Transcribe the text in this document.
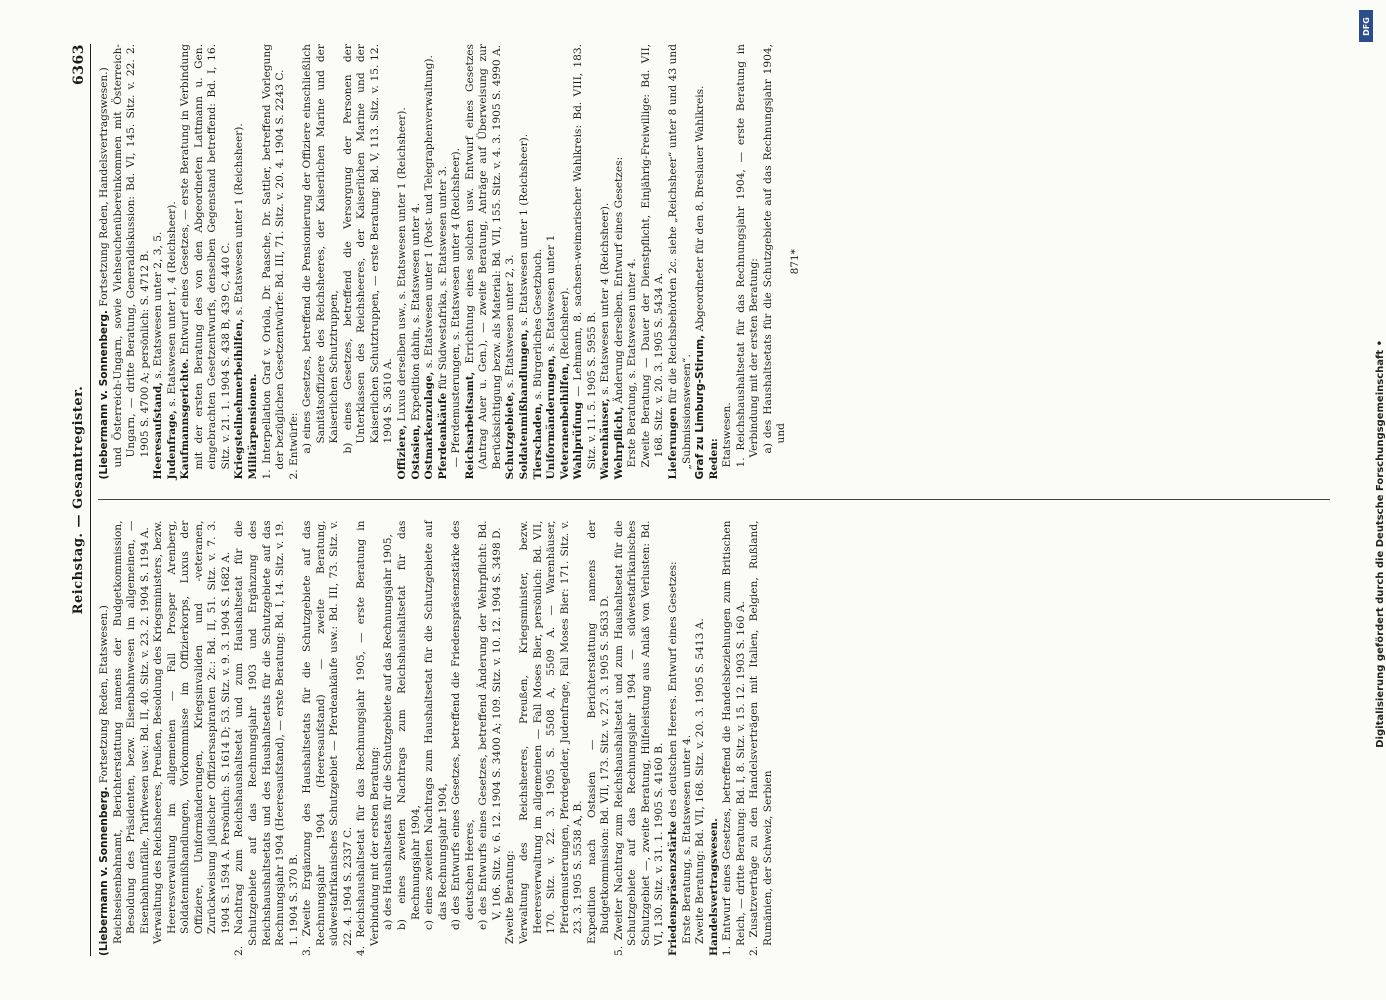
Reichstag. — Gesamtregister.
6363

(Liebermann v. Sonnenberg. Fortsetzung Reden, Etatswesen.) Reichseisenbahnamt, Berichterstattung namens der Budgetkommission, Besoldung des Präsidenten, bezw. Eisenbahnwesen im allgemeinen, — Eisenbahnunfälle, Tarifwesen usw.: Bd. II, 40. Sitz. v. 23. 2. 1904 S. 1194 A. Verwaltung des Reichsheeres, Preußen, Besoldung des Kriegsministers, bezw. Heeresverwaltung im allgemeinen — Fall Prosper Arenberg, Soldatenmißhandlungen, Vorkommnisse im Offizierkorps, Luxus der Offiziere, Uniformänderungen, Kriegsinvaliden und -veteranen, Zurückweisung jüdischer Offiziersaspiranten 2c.: Bd. II, 51. Sitz. v. 7. 3. 1904 S. 1594 A. Persönlich: S. 1614 D; 53. Sitz. v. 9. 3. 1904 S. 1682 A. 2. Nachtrag zum Reichshaushaltsetat und zum Haushaltsetat für die Schutzgebiete auf das Rechnungsjahr 1903 und Ergänzung des Reichshaushaltsetats und des Haushaltsetats für die Schutzgebiete auf das Rechnungsjahr 1904 (Heeresaufstand), — erste Beratung: Bd. I, 14. Sitz. v. 19. 1. 1904 S. 370 B. 3. Zweite Ergänzung des Haushaltsetats für die Schutzgebiete auf das Rechnungsjahr 1904 (Heeresaufstand) — zweite Beratung, südwestafrikanisches Schutzgebiet — Pferdeankäufe usw.: Bd. III, 73. Sitz. v. 22. 4. 1904 S. 2337 C. 4. Reichshaushaltsetat für das Rechnungsjahr 1905, — erste Beratung in Verbindung mit der ersten Beratung: a) des Haushaltsetats für die Schutzgebiete auf das Rechnungsjahr 1905, b) eines zweiten Nachtrags zum Reichshaushaltsetat für das Rechnungsjahr 1904, c) eines zweiten Nachtrags zum Haushaltsetat für die Schutzgebiete auf das Rechnungsjahr 1904, d) des Entwurfs eines Gesetzes, betreffend die Friedenspräsenzstärke des deutschen Heeres, e) des Entwurfs eines Gesetzes, betreffend Änderung der Wehrpflicht: Bd. V, 106. Sitz. v. 6. 12. 1904 S. 3400 A; 109. Sitz. v. 10. 12. 1904 S. 3498 D. Zweite Beratung: Verwaltung des Reichsheeres, Preußen, Kriegsminister, bezw. Heeresverwaltung im allgemeinen — Fall Moses Bier, persönlich: Bd. VII, 170. Sitz. v. 22. 3. 1905 S. 5508 A, 5509 A. — Warenhäuser, Pferdemusterungen, Pferdegelder, Judenfrage, Fall Moses Bier: 171. Sitz. v. 23. 3. 1905 S. 5538 A, B. Expedition nach Ostasien — Berichterstattung namens der Budgetkommission: Bd. VII, 173. Sitz. v. 27. 3. 1905 S. 5633 D. 5. Zweiter Nachtrag zum Reichshaushaltsetat und zum Haushaltsetat für die Schutzgebiete auf das Rechnungsjahr 1904 — südwestafrikanisches Schutzgebiet —, zweite Beratung, Hilfeleistung aus Anlaß von Verlusten: Bd. VI, 130. Sitz. v. 31. 1. 1905 S. 4160 B. Friedenspräsenzstärke des deutschen Heeres. Entwurf eines Gesetzes:

Erste Beratung, s. Etatswesen unter 4. Zweite Beratung: Bd. VII, 168. Sitz. v. 20. 3. 1905 S. 5413 A. Handelsvertragswesen. 1. Entwurf eines Gesetzes, betreffend die Handelsbeziehungen zum Britischen Reich, — dritte Beratung: Bd. I, 8. Sitz. v. 15. 12. 1903 S. 160 A. 2. Zusatzverträge zu den Handelsverträgen mit Italien, Belgien, Rußland, Rumänien, der Schweiz, Serbien

(Liebermann v. Sonnenberg. Fortsetzung Reden, Handelsvertragswesen.) und Österreich-Ungarn, sowie Viehseuchenübereinkommen mit Österreich-Ungarn, — dritte Beratung, Generaldiskussion: Bd. VI, 145. Sitz. v. 22. 2. 1905 S. 4700 A; persönlich: S. 4712 B. Heeresaufstand, s. Etatswesen unter 2, 3, 5.

Judenfrage, s. Etatswesen unter 1, 4 (Reichsheer).

Kaufmannsgerichte. Entwurf eines Gesetzes, — erste Beratung in Verbindung mit der ersten Beratung des von den Abgeordneten Lattmann u. Gen. eingebrachten Gesetzentwurfs, denselben Gegenstand betreffend: Bd. I, 16. Sitz. v. 21. 1. 1904 S. 438 B, 439 C, 440 C. Kriegsteilnehmerbeihilfen, s. Etatswesen unter 1 (Reichsheer).

Militärpensionen. 1. Interpellation Graf v. Oriola, Dr. Paasche, Dr. Sattler, betreffend Vorlegung der bezüglichen Gesetzentwürfe: Bd. III, 71. Sitz. v. 20. 4. 1904 S. 2243 C. 2. Entwürfe: a) eines Gesetzes, betreffend die Pensionierung der Offiziere einschließlich Sanitätsoffiziere des Reichsheeres, der Kaiserlichen Marine und der Kaiserlichen Schutztruppen, b) eines Gesetzes, betreffend die Versorgung der Personen der Unterklassen des Reichsheeres, der Kaiserlichen Marine und der Kaiserlichen Schutztruppen, — erste Beratung: Bd. V, 113. Sitz. v. 15. 12. 1904 S. 3610 A.

Offiziere, Luxus derselben usw., s. Etatswesen unter 1 (Reichsheer).

Ostasien, Expedition dahin, s. Etatswesen unter 4.

Ostmarkenzulage, s. Etatswesen unter 1 (Post- und Telegraphenverwaltung).

Pferdeankäufe für Südwestafrika, s. Etatswesen unter 3. — Pferdemusterungen, s. Etatswesen unter 4 (Reichsheer). Reichsarbeitsamt, Errichtung eines solchen usw. Entwurf eines Gesetzes (Antrag Auer u. Gen.), — zweite Beratung, Anträge auf Überweisung zur Berücksichtigung bezw. als Material: Bd. VII, 155. Sitz. v. 4. 3. 1905 S. 4990 A. Schutzgebiete, s. Etatswesen unter 2, 3.

Soldatenmißhandlungen, s. Etatswesen unter 1 (Reichsheer).

Tierschaden, s. Bürgerliches Gesetzbuch.

Uniformänderungen, s. Etatswesen unter 1

Veteranenbeihilfen, (Reichsheer).

Wahlprüfung — Lehmann, 8. sachsen-weimarischer Wahlkreis: Bd. VIII, 183. Sitz. v. 11. 5. 1905 S. 5955 B. Warenhäuser, s. Etatswesen unter 4 (Reichsheer).

Wehrpflicht, Änderung derselben. Entwurf eines Gesetzes: Erste Beratung, s. Etatswesen unter 4. Zweite Beratung — Dauer der Dienstpflicht, Einjährig-Freiwillige: Bd. VII, 168. Sitz. v. 20. 3. 1905 S. 5434 A. Lieferungen für die Reichsbehörden 2c. siehe „Reichsheer“ unter 8 und 43 und „Submissionswesen“. Graf zu Limburg-Stirum, Abgeordneter für den 8. Breslauer Wahlkreis.

Reden: Etatswesen. 1. Reichshaushaltsetat für das Rechnungsjahr 1904, — erste Beratung in Verbindung mit der ersten Beratung: a) des Haushaltsetats für die Schutzgebiete auf das Rechnungsjahr 1904, und

871*

DFG
Digitalisierung gefördert durch die Deutsche Forschungsgemeinschaft •
